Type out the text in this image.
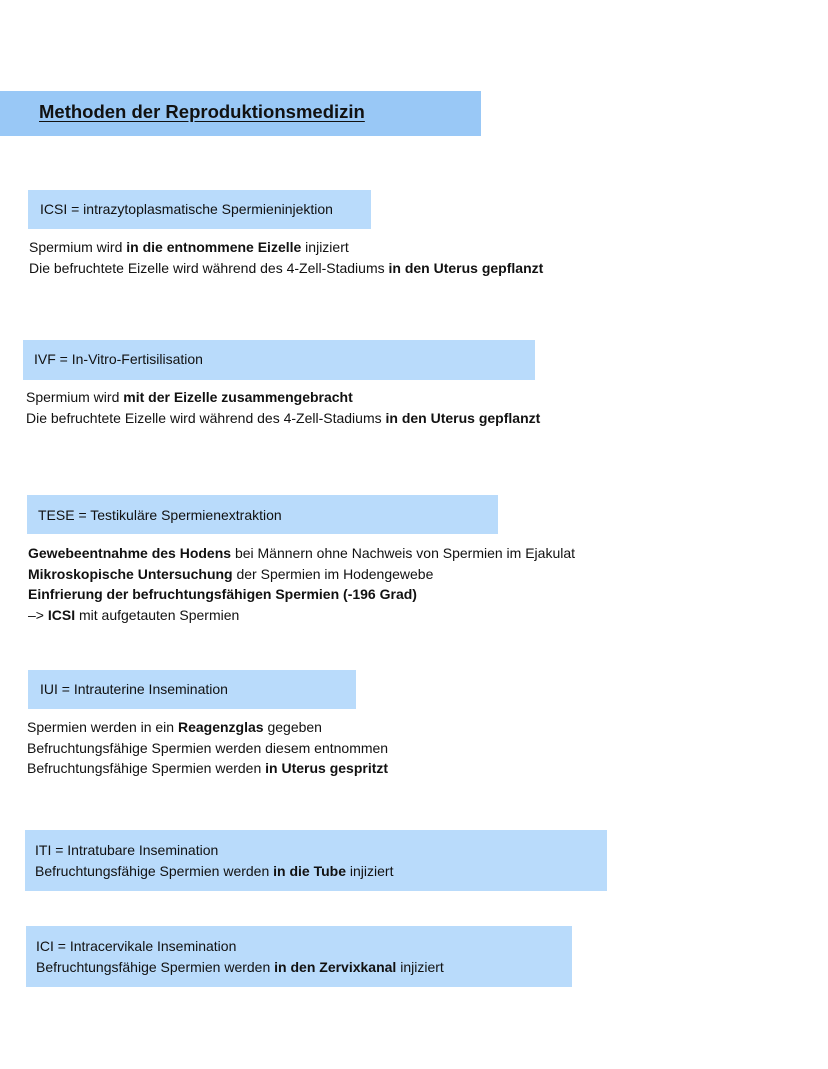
Methoden der Reproduktionsmedizin
ICSI = intrazytoplasmatische Spermieninjektion
Spermium wird in die entnommene Eizelle injiziert
Die befruchtete Eizelle wird während des 4-Zell-Stadiums in den Uterus gepflanzt
IVF = In-Vitro-Fertisilisation
Spermium wird mit der Eizelle zusammengebracht
Die befruchtete Eizelle wird während des 4-Zell-Stadiums in den Uterus gepflanzt
TESE = Testikuläre Spermienextraktion
Gewebeentnahme des Hodens bei Männern ohne Nachweis von Spermien im Ejakulat
Mikroskopische Untersuchung der Spermien im Hodengewebe
Einfrierung der befruchtungsfähigen Spermien (-196 Grad)
–> ICSI mit aufgetauten Spermien
IUI = Intrauterine Insemination
Spermien werden in ein Reagenzglas gegeben
Befruchtungsfähige Spermien werden diesem entnommen
Befruchtungsfähige Spermien werden in Uterus gespritzt
ITI = Intratubare Insemination
Befruchtungsfähige Spermien werden in die Tube injiziert
ICI = Intracervikale Insemination
Befruchtungsfähige Spermien werden in den Zervixkanal injiziert
